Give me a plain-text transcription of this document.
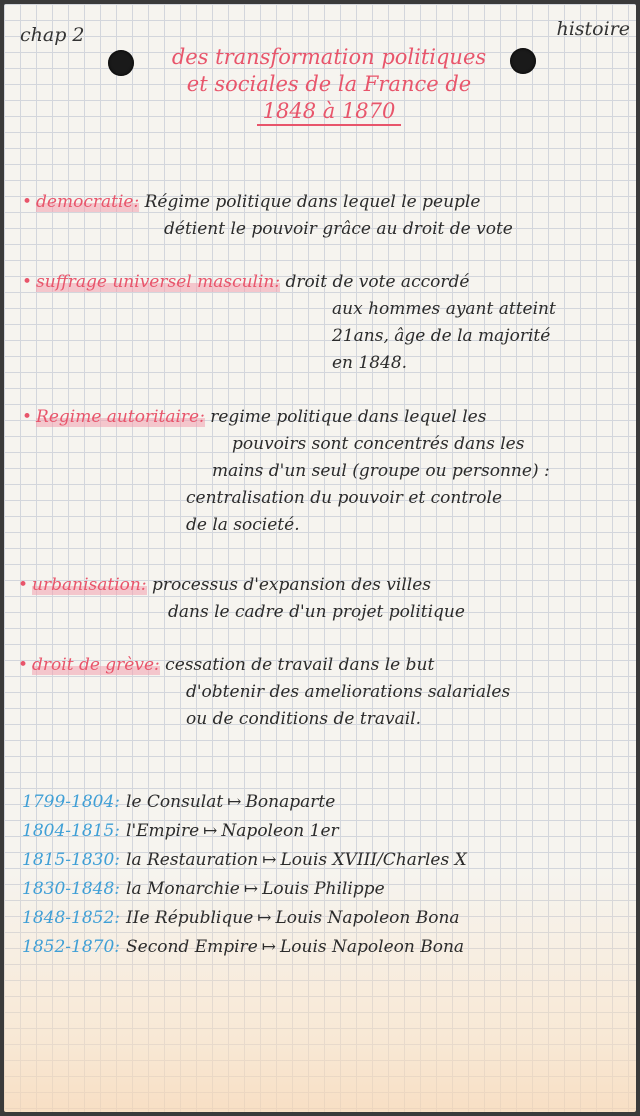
chap 2	histoire
des transformation politiques
et sociales de la France de
1848 à 1870
• democratie: Régime politique dans lequel le peuple
détient le pouvoir grâce au droit de vote
• suffrage universel masculin: droit de vote accordé
aux hommes ayant atteint
21ans, âge de la majorité
en 1848.
• Regime autoritaire: regime politique dans lequel les
pouvoirs sont concentrés dans les
mains d'un seul (groupe ou personne) :
centralisation du pouvoir et controle
de la societé.
• urbanisation: processus d'expansion des villes
dans le cadre d'un projet politique
• droit de grève: cessation de travail dans le but
d'obtenir des ameliorations salariales
ou de conditions de travail.
1799-1804: le Consulat ↦ Bonaparte
1804-1815: l'Empire ↦ Napoleon 1er
1815-1830: la Restauration ↦ Louis XVIII/Charles X
1830-1848: la Monarchie ↦ Louis Philippe
1848-1852: IIe République ↦ Louis Napoleon Bona
1852-1870: Second Empire ↦ Louis Napoleon Bona
